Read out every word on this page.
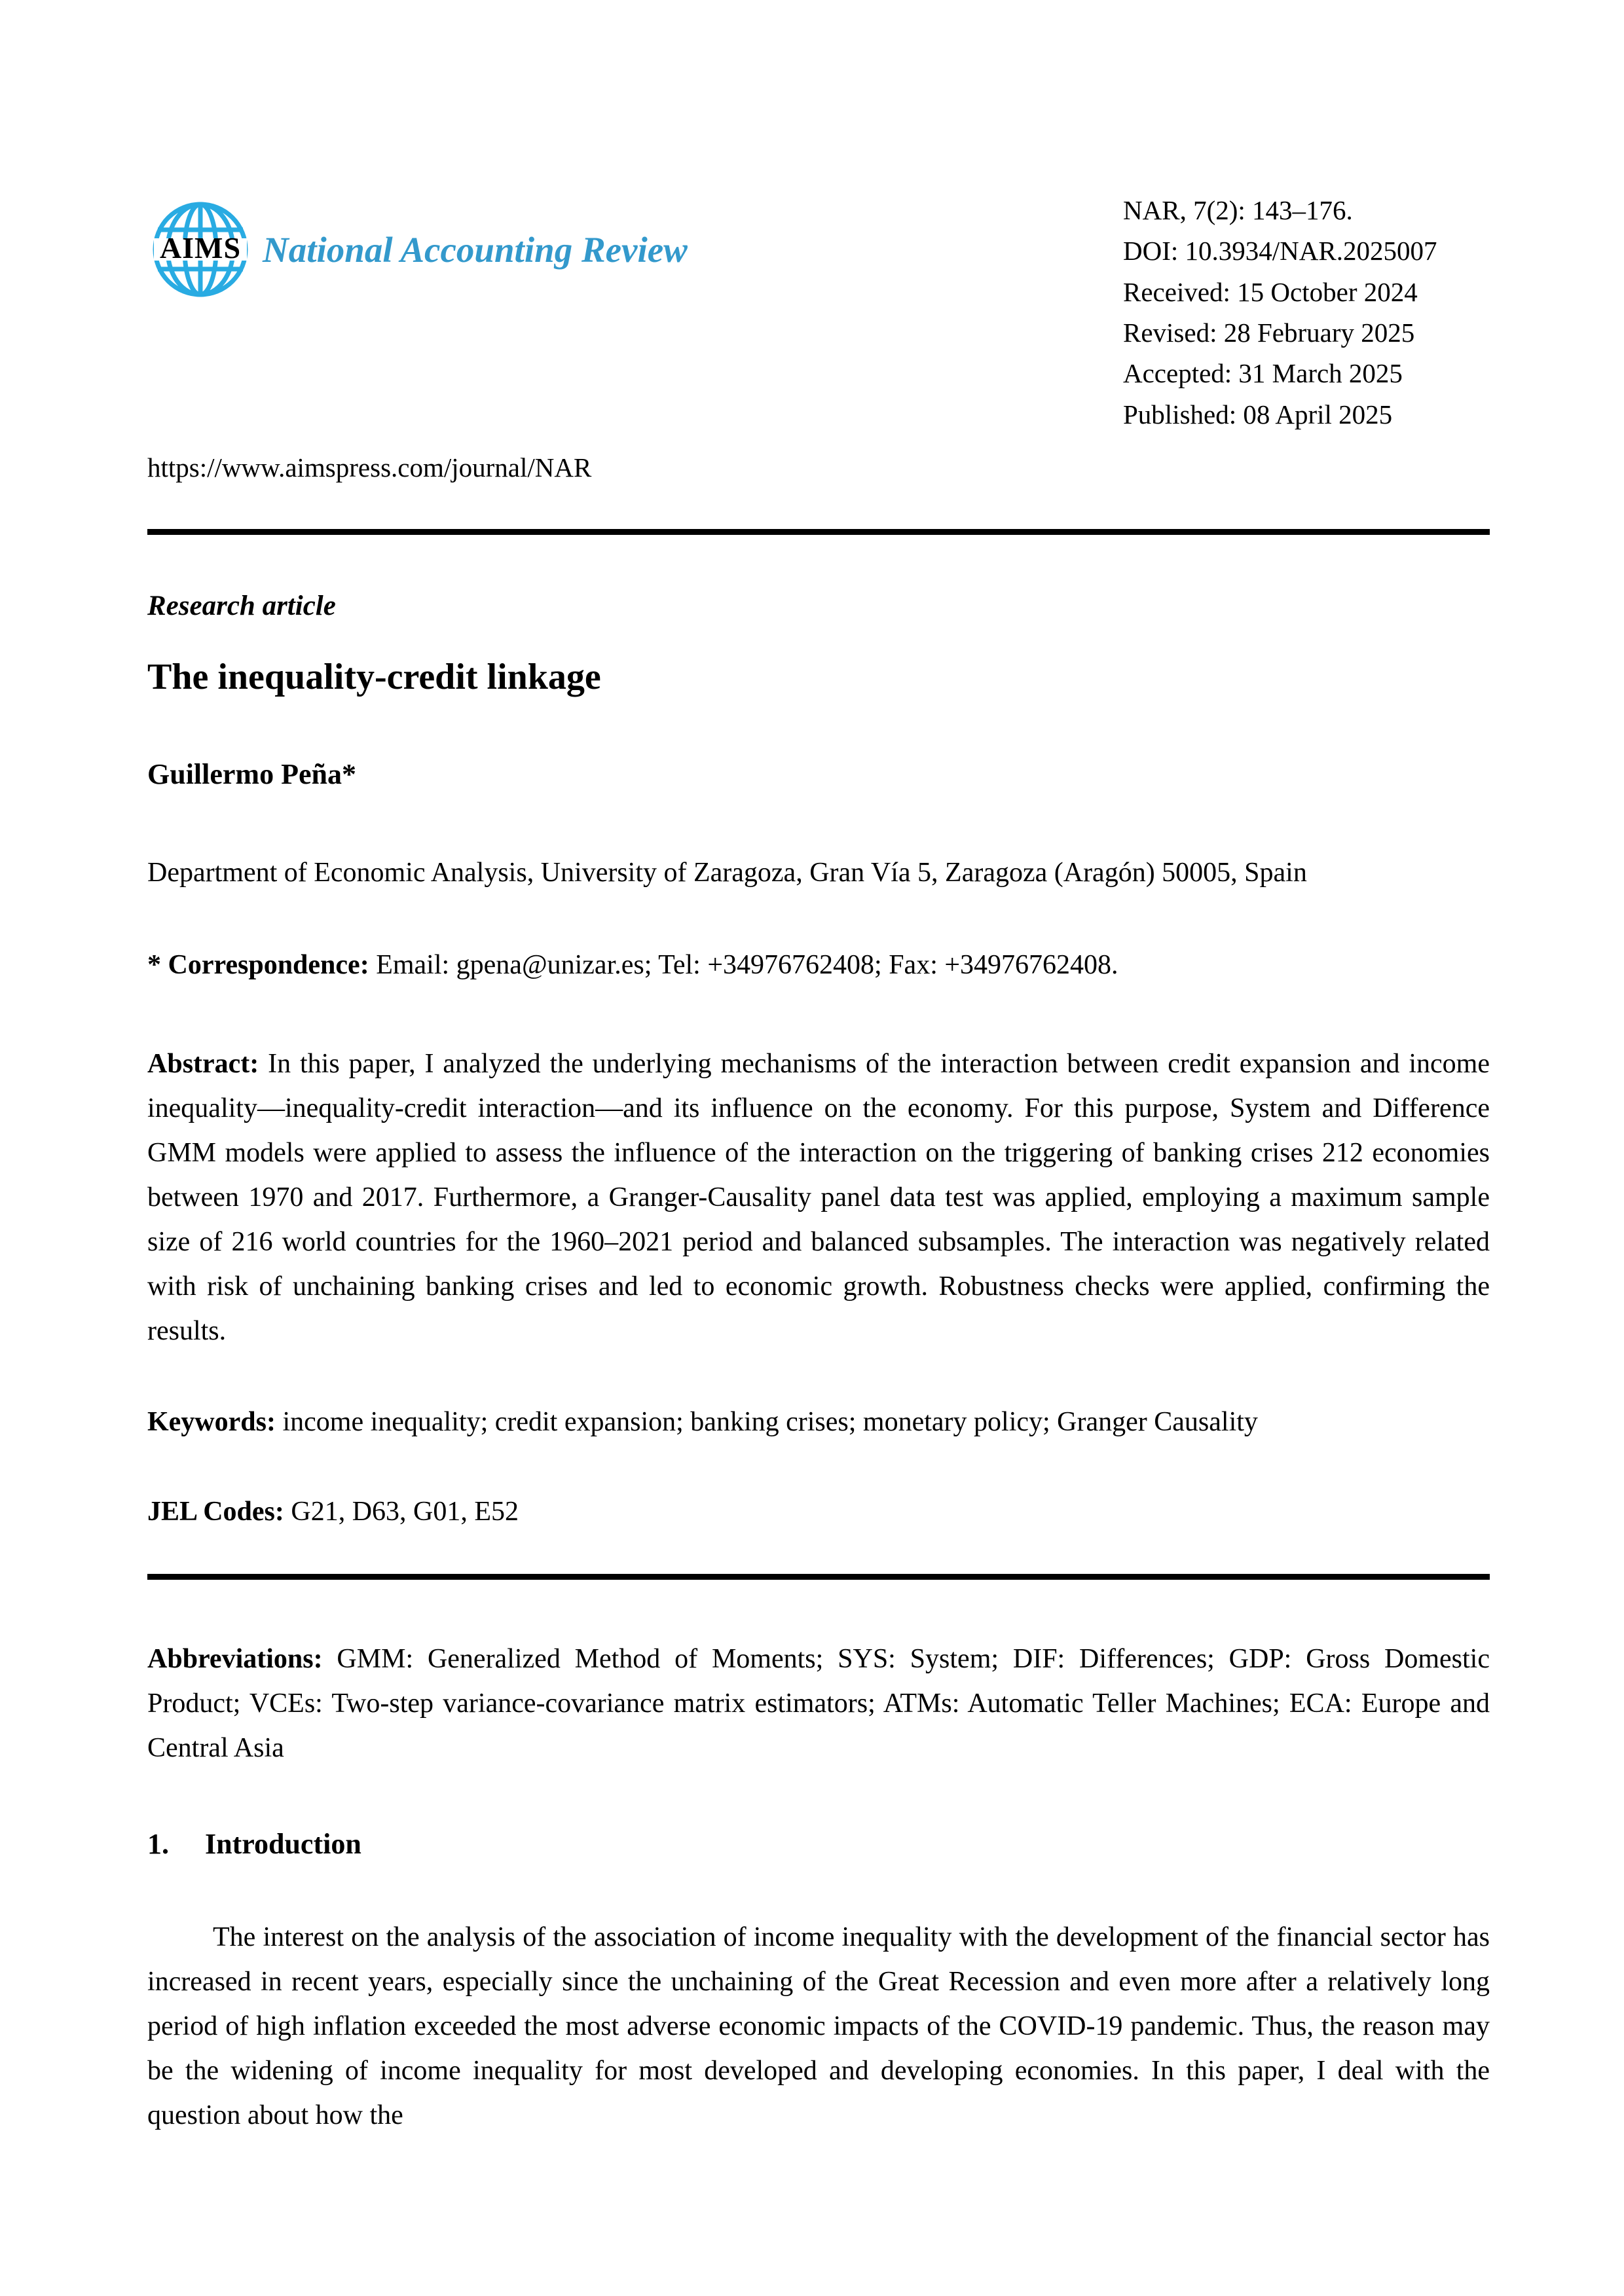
AIMS National Accounting Review
NAR, 7(2): 143–176.
DOI: 10.3934/NAR.2025007
Received: 15 October 2024
Revised: 28 February 2025
Accepted: 31 March 2025
Published: 08 April 2025
https://www.aimspress.com/journal/NAR
Research article
The inequality-credit linkage
Guillermo Peña*
Department of Economic Analysis, University of Zaragoza, Gran Vía 5, Zaragoza (Aragón) 50005, Spain

* Correspondence: Email: gpena@unizar.es; Tel: +34976762408; Fax: +34976762408.

Abstract: In this paper, I analyzed the underlying mechanisms of the interaction between credit expansion and income inequality—inequality-credit interaction—and its influence on the economy. For this purpose, System and Difference GMM models were applied to assess the influence of the interaction on the triggering of banking crises 212 economies between 1970 and 2017. Furthermore, a Granger-Causality panel data test was applied, employing a maximum sample size of 216 world countries for the 1960–2021 period and balanced subsamples. The interaction was negatively related with risk of unchaining banking crises and led to economic growth. Robustness checks were applied, confirming the results.

Keywords: income inequality; credit expansion; banking crises; monetary policy; Granger Causality

JEL Codes: G21, D63, G01, E52

Abbreviations: GMM: Generalized Method of Moments; SYS: System; DIF: Differences; GDP: Gross Domestic Product; VCEs: Two-step variance-covariance matrix estimators; ATMs: Automatic Teller Machines; ECA: Europe and Central Asia

1.	Introduction

The interest on the analysis of the association of income inequality with the development of the financial sector has increased in recent years, especially since the unchaining of the Great Recession and even more after a relatively long period of high inflation exceeded the most adverse economic impacts of the COVID-19 pandemic. Thus, the reason may be the widening of income inequality for most developed and developing economies. In this paper, I deal with the question about how the
